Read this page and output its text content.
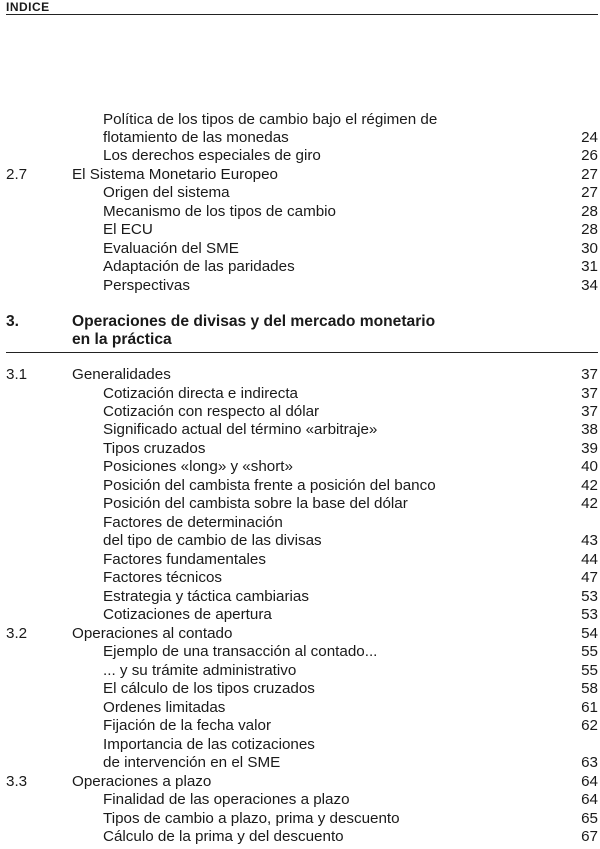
INDICE
Política de los tipos de cambio bajo el régimen de
flotamiento de las monedas	24
Los derechos especiales de giro	26
2.7	El Sistema Monetario Europeo	27
Origen del sistema	27
Mecanismo de los tipos de cambio	28
El ECU	28
Evaluación del SME	30
Adaptación de las paridades	31
Perspectivas	34
3.	Operaciones de divisas y del mercado monetario
en la práctica
3.1	Generalidades	37
Cotización directa e indirecta	37
Cotización con respecto al dólar	37
Significado actual del término «arbitraje»	38
Tipos cruzados	39
Posiciones «long» y «short»	40
Posición del cambista frente a posición del banco	42
Posición del cambista sobre la base del dólar	42
Factores de determinación
del tipo de cambio de las divisas	43
Factores fundamentales	44
Factores técnicos	47
Estrategia y táctica cambiarias	53
Cotizaciones de apertura	53
3.2	Operaciones al contado	54
Ejemplo de una transacción al contado...	55
... y su trámite administrativo	55
El cálculo de los tipos cruzados	58
Ordenes limitadas	61
Fijación de la fecha valor	62
Importancia de las cotizaciones
de intervención en el SME	63
3.3	Operaciones a plazo	64
Finalidad de las operaciones a plazo	64
Tipos de cambio a plazo, prima y descuento	65
Cálculo de la prima y del descuento	67
